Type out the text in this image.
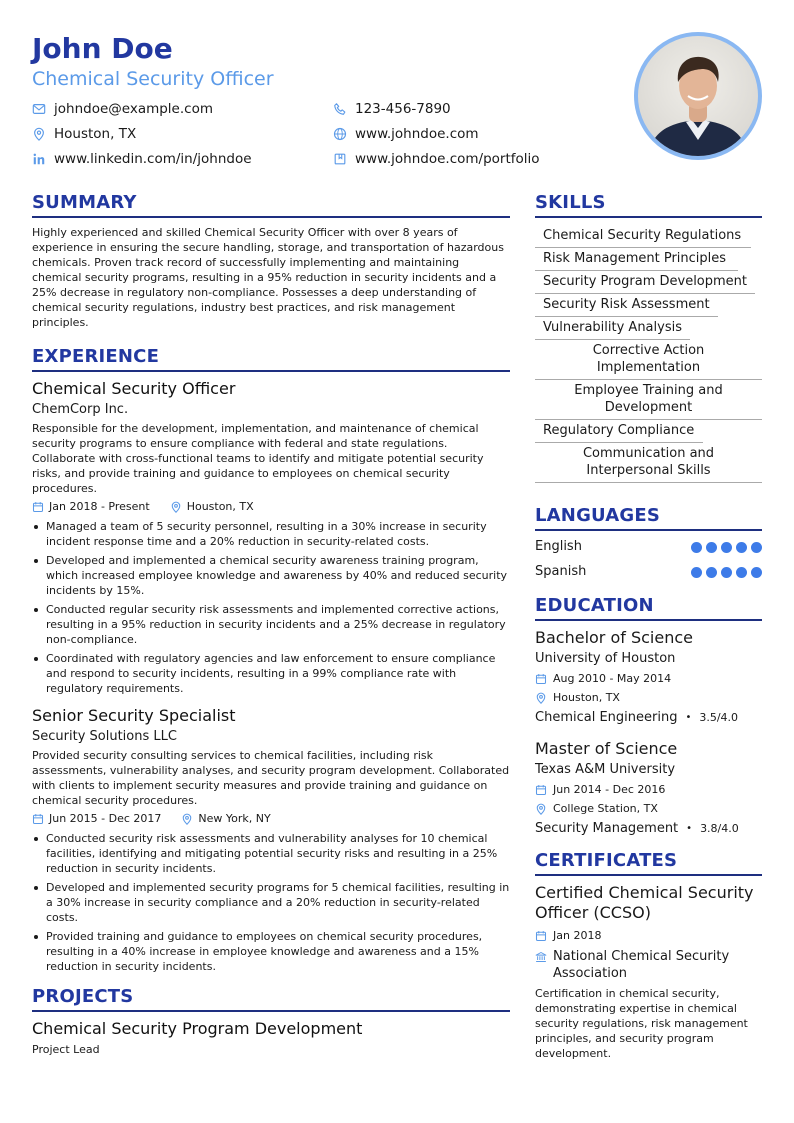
John Doe
Chemical Security Officer
johndoe@example.com	123-456-7890
Houston, TX	www.johndoe.com
www.linkedin.com/in/johndoe	www.johndoe.com/portfolio
SUMMARY
Highly experienced and skilled Chemical Security Officer with over 8 years of experience in ensuring the secure handling, storage, and transportation of hazardous chemicals. Proven track record of successfully implementing and maintaining chemical security programs, resulting in a 95% reduction in security incidents and a 25% decrease in regulatory non-compliance. Possesses a deep understanding of chemical security regulations, industry best practices, and risk management principles.
EXPERIENCE
Chemical Security Officer
ChemCorp Inc.
Responsible for the development, implementation, and maintenance of chemical security programs to ensure compliance with federal and state regulations. Collaborate with cross-functional teams to identify and mitigate potential security risks, and provide training and guidance to employees on chemical security procedures.
Jan 2018 - Present	Houston, TX
Managed a team of 5 security personnel, resulting in a 30% increase in security incident response time and a 20% reduction in security-related costs.
Developed and implemented a chemical security awareness training program, which increased employee knowledge and awareness by 40% and reduced security incidents by 15%.
Conducted regular security risk assessments and implemented corrective actions, resulting in a 95% reduction in security incidents and a 25% decrease in regulatory non-compliance.
Coordinated with regulatory agencies and law enforcement to ensure compliance and respond to security incidents, resulting in a 99% compliance rate with regulatory requirements.
Senior Security Specialist
Security Solutions LLC
Provided security consulting services to chemical facilities, including risk assessments, vulnerability analyses, and security program development. Collaborated with clients to implement security measures and provide training and guidance on chemical security procedures.
Jun 2015 - Dec 2017	New York, NY
Conducted security risk assessments and vulnerability analyses for 10 chemical facilities, identifying and mitigating potential security risks and resulting in a 25% reduction in security incidents.
Developed and implemented security programs for 5 chemical facilities, resulting in a 30% increase in security compliance and a 20% reduction in security-related costs.
Provided training and guidance to employees on chemical security procedures, resulting in a 40% increase in employee knowledge and awareness and a 15% reduction in security incidents.
PROJECTS
Chemical Security Program Development
Project Lead
SKILLS
Chemical Security Regulations
Risk Management Principles
Security Program Development
Security Risk Assessment
Vulnerability Analysis
Corrective Action Implementation
Employee Training and Development
Regulatory Compliance
Communication and Interpersonal Skills
LANGUAGES
English
Spanish
EDUCATION
Bachelor of Science
University of Houston
Aug 2010 - May 2014
Houston, TX
Chemical Engineering • 3.5/4.0
Master of Science
Texas A&M University
Jun 2014 - Dec 2016
College Station, TX
Security Management • 3.8/4.0
CERTIFICATES
Certified Chemical Security Officer (CCSO)
Jan 2018
National Chemical Security Association
Certification in chemical security, demonstrating expertise in chemical security regulations, risk management principles, and security program development.
